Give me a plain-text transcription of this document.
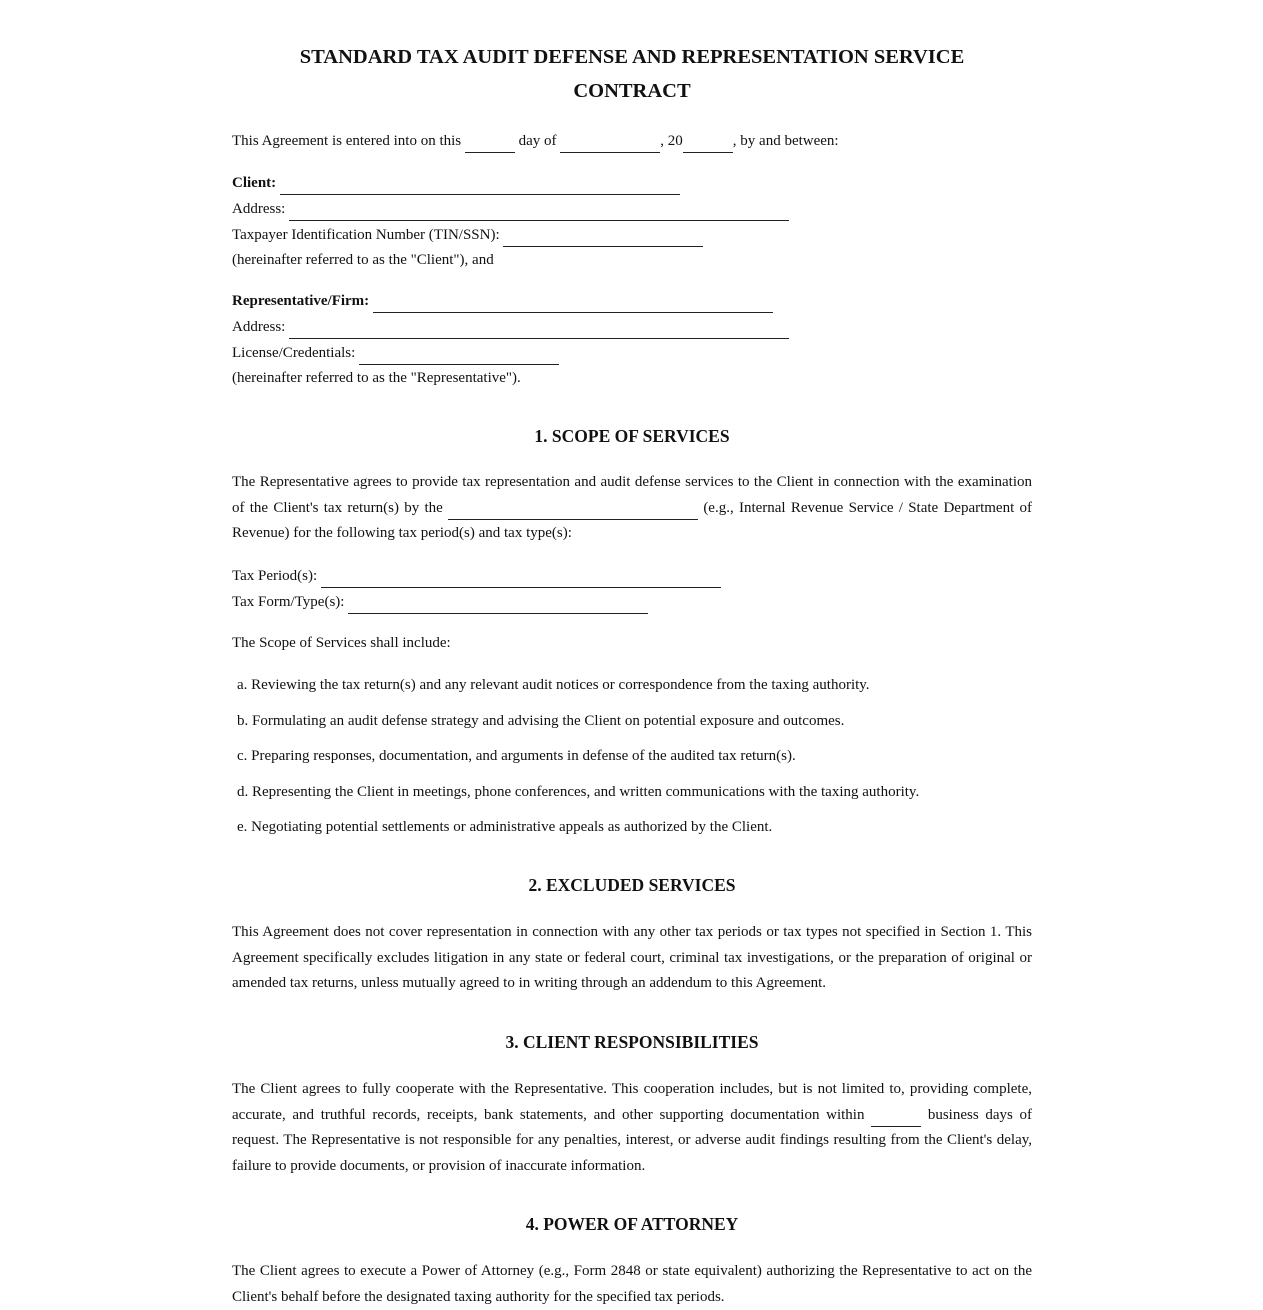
STANDARD TAX AUDIT DEFENSE AND REPRESENTATION SERVICE
CONTRACT
This Agreement is entered into on this	day of	, 20	, by and between:
Client:
Address:
Taxpayer Identification Number (TIN/SSN):
(hereinafter referred to as the "Client"), and
Representative/Firm:
Address:
License/Credentials:
(hereinafter referred to as the "Representative").
1. SCOPE OF SERVICES

The Representative agrees to provide tax representation and audit defense services to the Client in connection with the examination of the Client's tax return(s) by the	(e.g., Internal Revenue Service / State Department of Revenue) for the following tax period(s) and tax type(s):

Tax Period(s):
Tax Form/Type(s):
The Scope of Services shall include:
a. Reviewing the tax return(s) and any relevant audit notices or correspondence from the taxing authority.
b. Formulating an audit defense strategy and advising the Client on potential exposure and outcomes.
c. Preparing responses, documentation, and arguments in defense of the audited tax return(s).
d. Representing the Client in meetings, phone conferences, and written communications with the taxing authority.
e. Negotiating potential settlements or administrative appeals as authorized by the Client.
2. EXCLUDED SERVICES

This Agreement does not cover representation in connection with any other tax periods or tax types not specified in Section 1. This Agreement specifically excludes litigation in any state or federal court, criminal tax investigations, or the preparation of original or amended tax returns, unless mutually agreed to in writing through an addendum to this Agreement.

3. CLIENT RESPONSIBILITIES

The Client agrees to fully cooperate with the Representative. This cooperation includes, but is not limited to, providing complete, accurate, and truthful records, receipts, bank statements, and other supporting documentation within	business days of request. The Representative is not responsible for any penalties, interest, or adverse audit findings resulting from the Client's delay, failure to provide documents, or provision of inaccurate information.

4. POWER OF ATTORNEY

The Client agrees to execute a Power of Attorney (e.g., Form 2848 or state equivalent) authorizing the Representative to act on the Client's behalf before the designated taxing authority for the specified tax periods.
